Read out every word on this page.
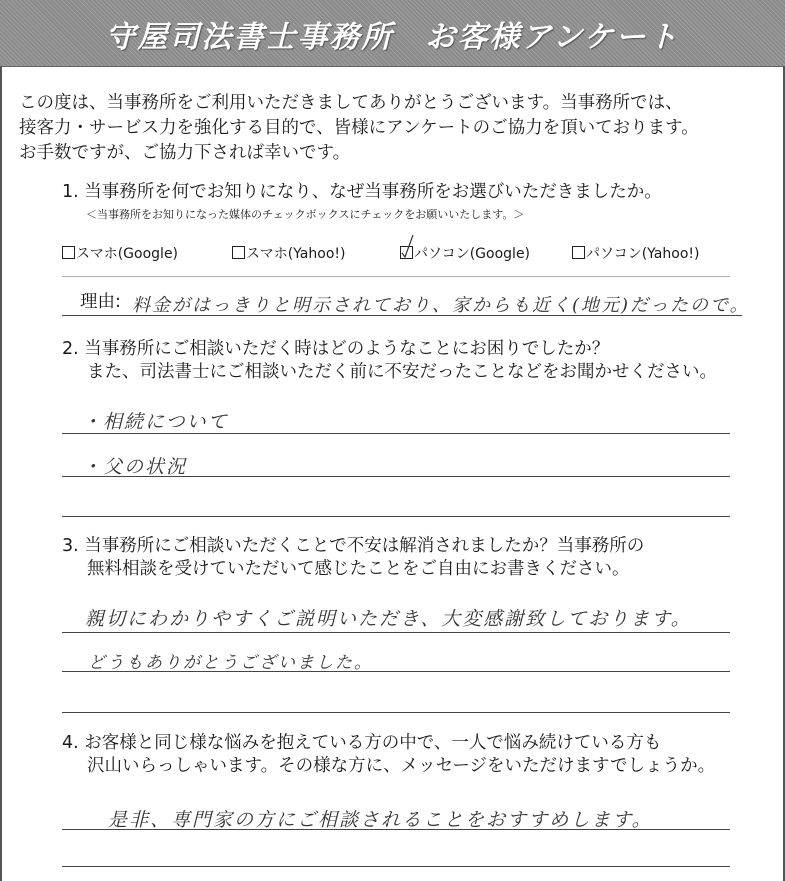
守屋司法書士事務所　お客様アンケート

この度は、当事務所をご利用いただきましてありがとうございます。当事務所では、

接客力・サービス力を強化する目的で、皆様にアンケートのご協力を頂いております。

お手数ですが、ご協力下されば幸いです。

1. 当事務所を何でお知りになり、なぜ当事務所をお選びいただきましたか。

＜当事務所をお知りになった媒体のチェックボックスにチェックをお願いいたします。＞
スマホ(Google)	スマホ(Yahoo!)	パソコン(Google)	パソコン(Yahoo!)
理由: 料金がはっきりと明示されており、家からも近く(地元)だったので。

2. 当事務所にご相談いただく時はどのようなことにお困りでしたか？

また、司法書士にご相談いただく前に不安だったことなどをお聞かせください。

・相続について
・父の状況

3. 当事務所にご相談いただくことで不安は解消されましたか？当事務所の

無料相談を受けていただいて感じたことをご自由にお書きください。

親切にわかりやすくご説明いただき、大変感謝致しております。
どうもありがとうございました。

4. お客様と同じ様な悩みを抱えている方の中で、一人で悩み続けている方も

沢山いらっしゃいます。その様な方に、メッセージをいただけますでしょうか。

是非、専門家の方にご相談されることをおすすめします。
